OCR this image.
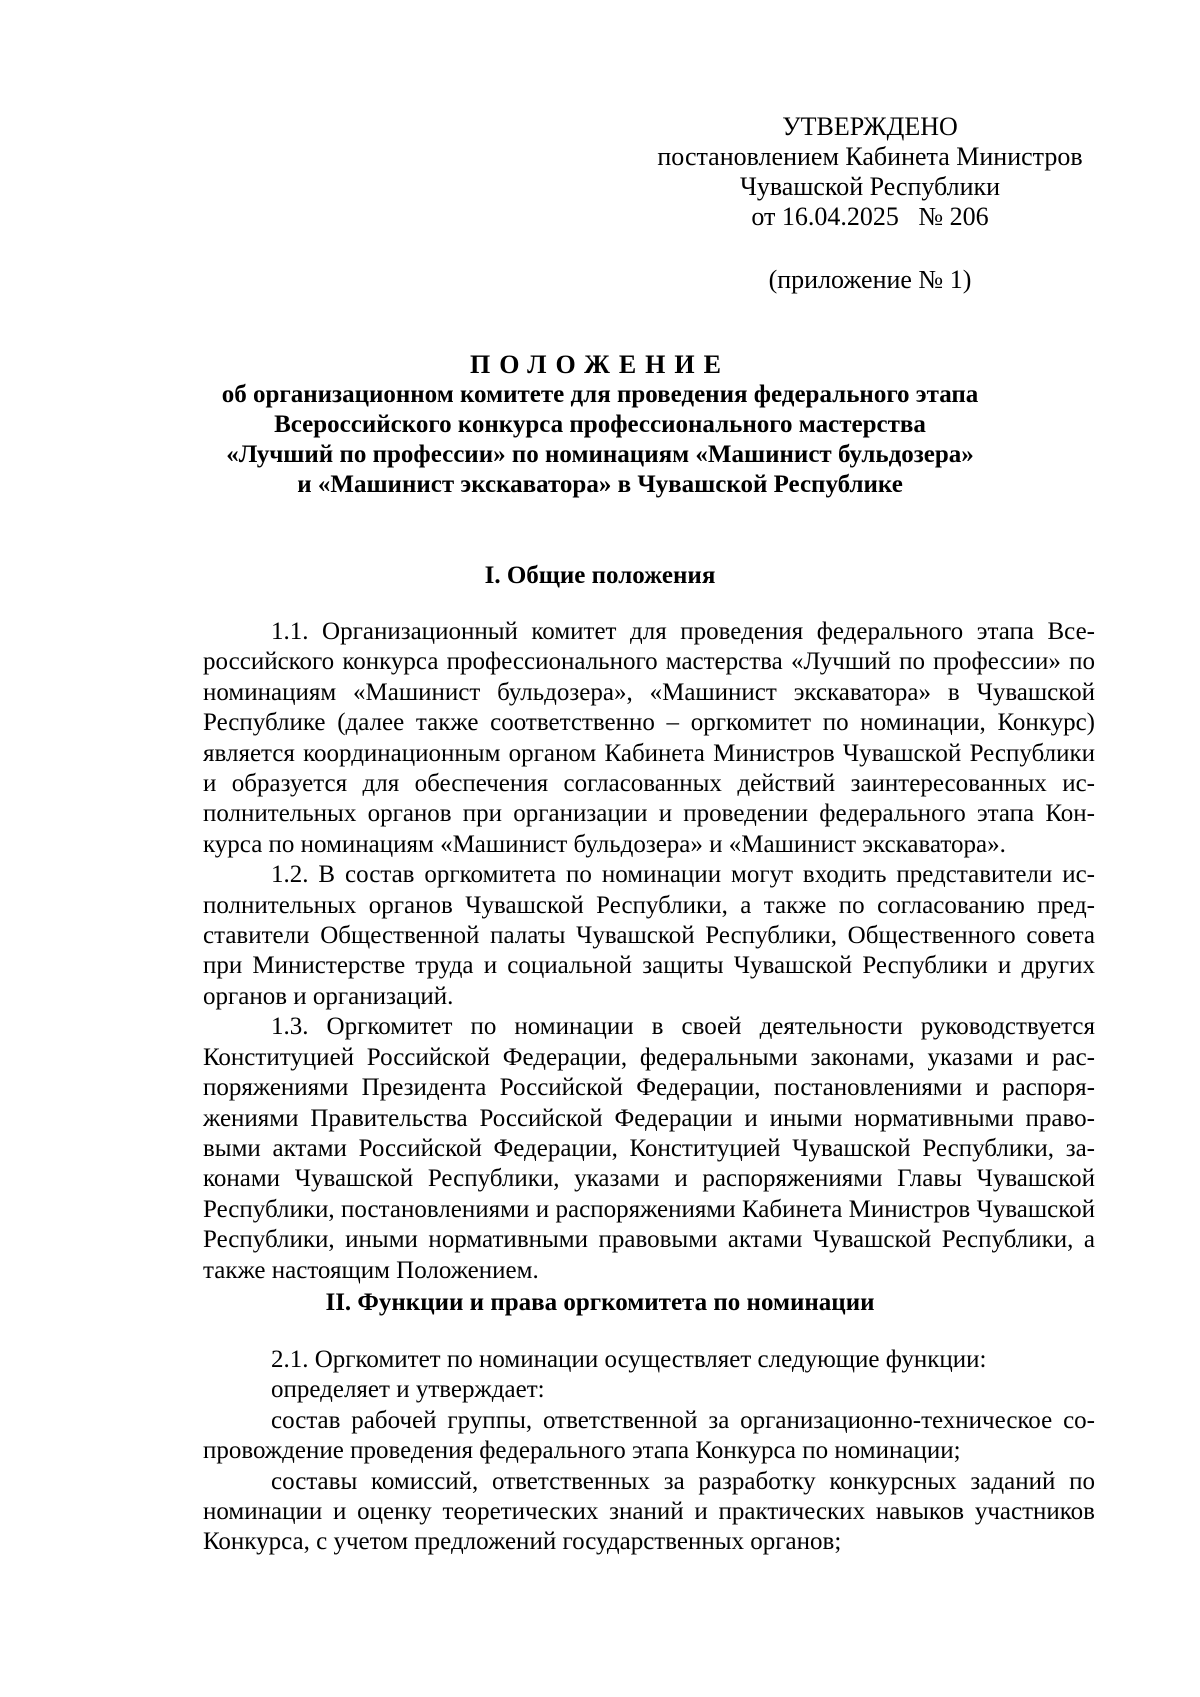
УТВЕРЖДЕНО
постановлением Кабинета Министров
Чувашской Республики
от 16.04.2025   № 206
(приложение № 1)
ПОЛОЖЕНИЕ
об организационном комитете для проведения федерального этапа
Всероссийского конкурса профессионального мастерства
«Лучший по профессии» по номинациям «Машинист бульдозера»
и «Машинист экскаватора» в Чувашской Республике
I. Общие положения

1.1. Организационный комитет для проведения федерального этапа Всероссийского конкурса профессионального мастерства «Лучший по профессии» по номинациям «Машинист бульдозера», «Машинист экскаватора» в Чувашской Республике (далее также соответственно – оргкомитет по номинации, Конкурс) является координационным органом Кабинета Министров Чувашской Республики и образуется для обеспечения согласованных действий заинтересованных исполнительных органов при организации и проведении федерального этапа Конкурса по номинациям «Машинист бульдозера» и «Машинист экскаватора».

1.2. В состав оргкомитета по номинации могут входить представители исполнительных органов Чувашской Республики, а также по согласованию представители Общественной палаты Чувашской Республики, Общественного совета при Министерстве труда и социальной защиты Чувашской Республики и других органов и организаций.

1.3. Оргкомитет по номинации в своей деятельности руководствуется Конституцией Российской Федерации, федеральными законами, указами и распоряжениями Президента Российской Федерации, постановлениями и распоряжениями Правительства Российской Федерации и иными нормативными правовыми актами Российской Федерации, Конституцией Чувашской Республики, законами Чувашской Республики, указами и распоряжениями Главы Чувашской Республики, постановлениями и распоряжениями Кабинета Министров Чувашской Республики, иными нормативными правовыми актами Чувашской Республики, а также настоящим Положением.

II. Функции и права оргкомитета по номинации

2.1. Оргкомитет по номинации осуществляет следующие функции:

определяет и утверждает:

состав рабочей группы, ответственной за организационно-техническое сопровождение проведения федерального этапа Конкурса по номинации;

составы комиссий, ответственных за разработку конкурсных заданий по номинации и оценку теоретических знаний и практических навыков участников Конкурса, с учетом предложений государственных органов;
